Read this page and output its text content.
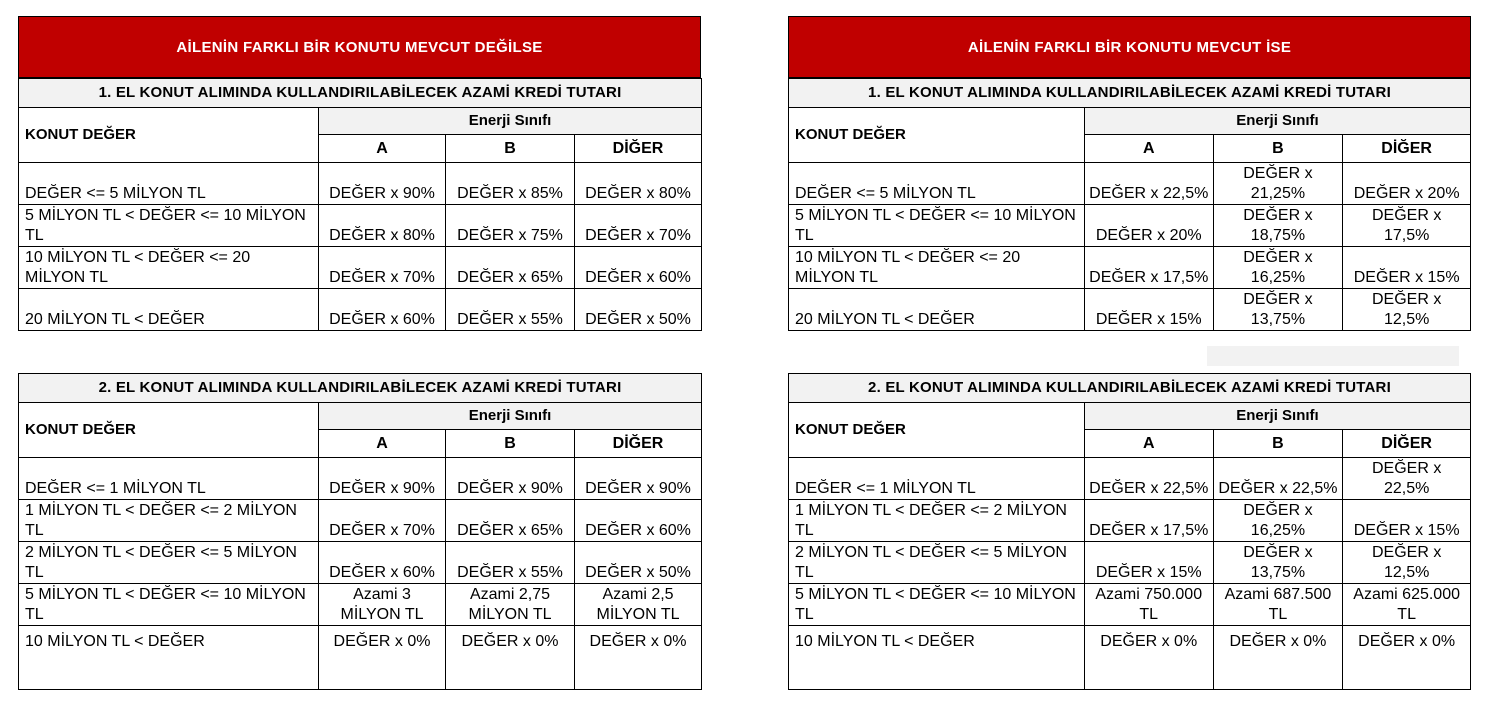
AİLENİN FARKLI BİR KONUTU MEVCUT DEĞİLSE
1. EL KONUT ALIMINDA KULLANDIRILABİLECEK AZAMİ KREDİ TUTARI			
KONUT DEĞER	Enerji Sınıfı		
	A	B	DİĞER
DEĞER <= 5 MİLYON TL	DEĞER x 90%	DEĞER x 85%	DEĞER x 80%
5 MİLYON TL < DEĞER <= 10 MİLYON TL	DEĞER x 80%	DEĞER x 75%	DEĞER x 70%
10 MİLYON TL < DEĞER <= 20 MİLYON TL	DEĞER x 70%	DEĞER x 65%	DEĞER x 60%
20 MİLYON TL < DEĞER	DEĞER x 60%	DEĞER x 55%	DEĞER x 50%
2. EL KONUT ALIMINDA KULLANDIRILABİLECEK AZAMİ KREDİ TUTARI			
KONUT DEĞER	Enerji Sınıfı		
	A	B	DİĞER
DEĞER <= 1 MİLYON TL	DEĞER x 90%	DEĞER x 90%	DEĞER x 90%
1 MİLYON TL < DEĞER <= 2 MİLYON TL	DEĞER x 70%	DEĞER x 65%	DEĞER x 60%
2 MİLYON TL < DEĞER <= 5 MİLYON TL	DEĞER x 60%	DEĞER x 55%	DEĞER x 50%
5 MİLYON TL < DEĞER <= 10 MİLYON TL	Azami 3 MİLYON TL	Azami 2,75 MİLYON TL	Azami 2,5 MİLYON TL
10 MİLYON TL < DEĞER	DEĞER x 0%	DEĞER x 0%	DEĞER x 0%
AİLENİN FARKLI BİR KONUTU MEVCUT İSE
1. EL KONUT ALIMINDA KULLANDIRILABİLECEK AZAMİ KREDİ TUTARI			
KONUT DEĞER	Enerji Sınıfı		
	A	B	DİĞER
DEĞER <= 5 MİLYON TL	DEĞER x 22,5%	DEĞER x 21,25%	DEĞER x 20%
5 MİLYON TL < DEĞER <= 10 MİLYON TL	DEĞER x 20%	DEĞER x 18,75%	DEĞER x 17,5%
10 MİLYON TL < DEĞER <= 20 MİLYON TL	DEĞER x 17,5%	DEĞER x 16,25%	DEĞER x 15%
20 MİLYON TL < DEĞER	DEĞER x 15%	DEĞER x 13,75%	DEĞER x 12,5%
2. EL KONUT ALIMINDA KULLANDIRILABİLECEK AZAMİ KREDİ TUTARI			
KONUT DEĞER	Enerji Sınıfı		
	A	B	DİĞER
DEĞER <= 1 MİLYON TL	DEĞER x 22,5%	DEĞER x 22,5%	DEĞER x 22,5%
1 MİLYON TL < DEĞER <= 2 MİLYON TL	DEĞER x 17,5%	DEĞER x 16,25%	DEĞER x 15%
2 MİLYON TL < DEĞER <= 5 MİLYON TL	DEĞER x 15%	DEĞER x 13,75%	DEĞER x 12,5%
5 MİLYON TL < DEĞER <= 10 MİLYON TL	Azami 750.000 TL	Azami 687.500 TL	Azami 625.000 TL
10 MİLYON TL < DEĞER	DEĞER x 0%	DEĞER x 0%	DEĞER x 0%
